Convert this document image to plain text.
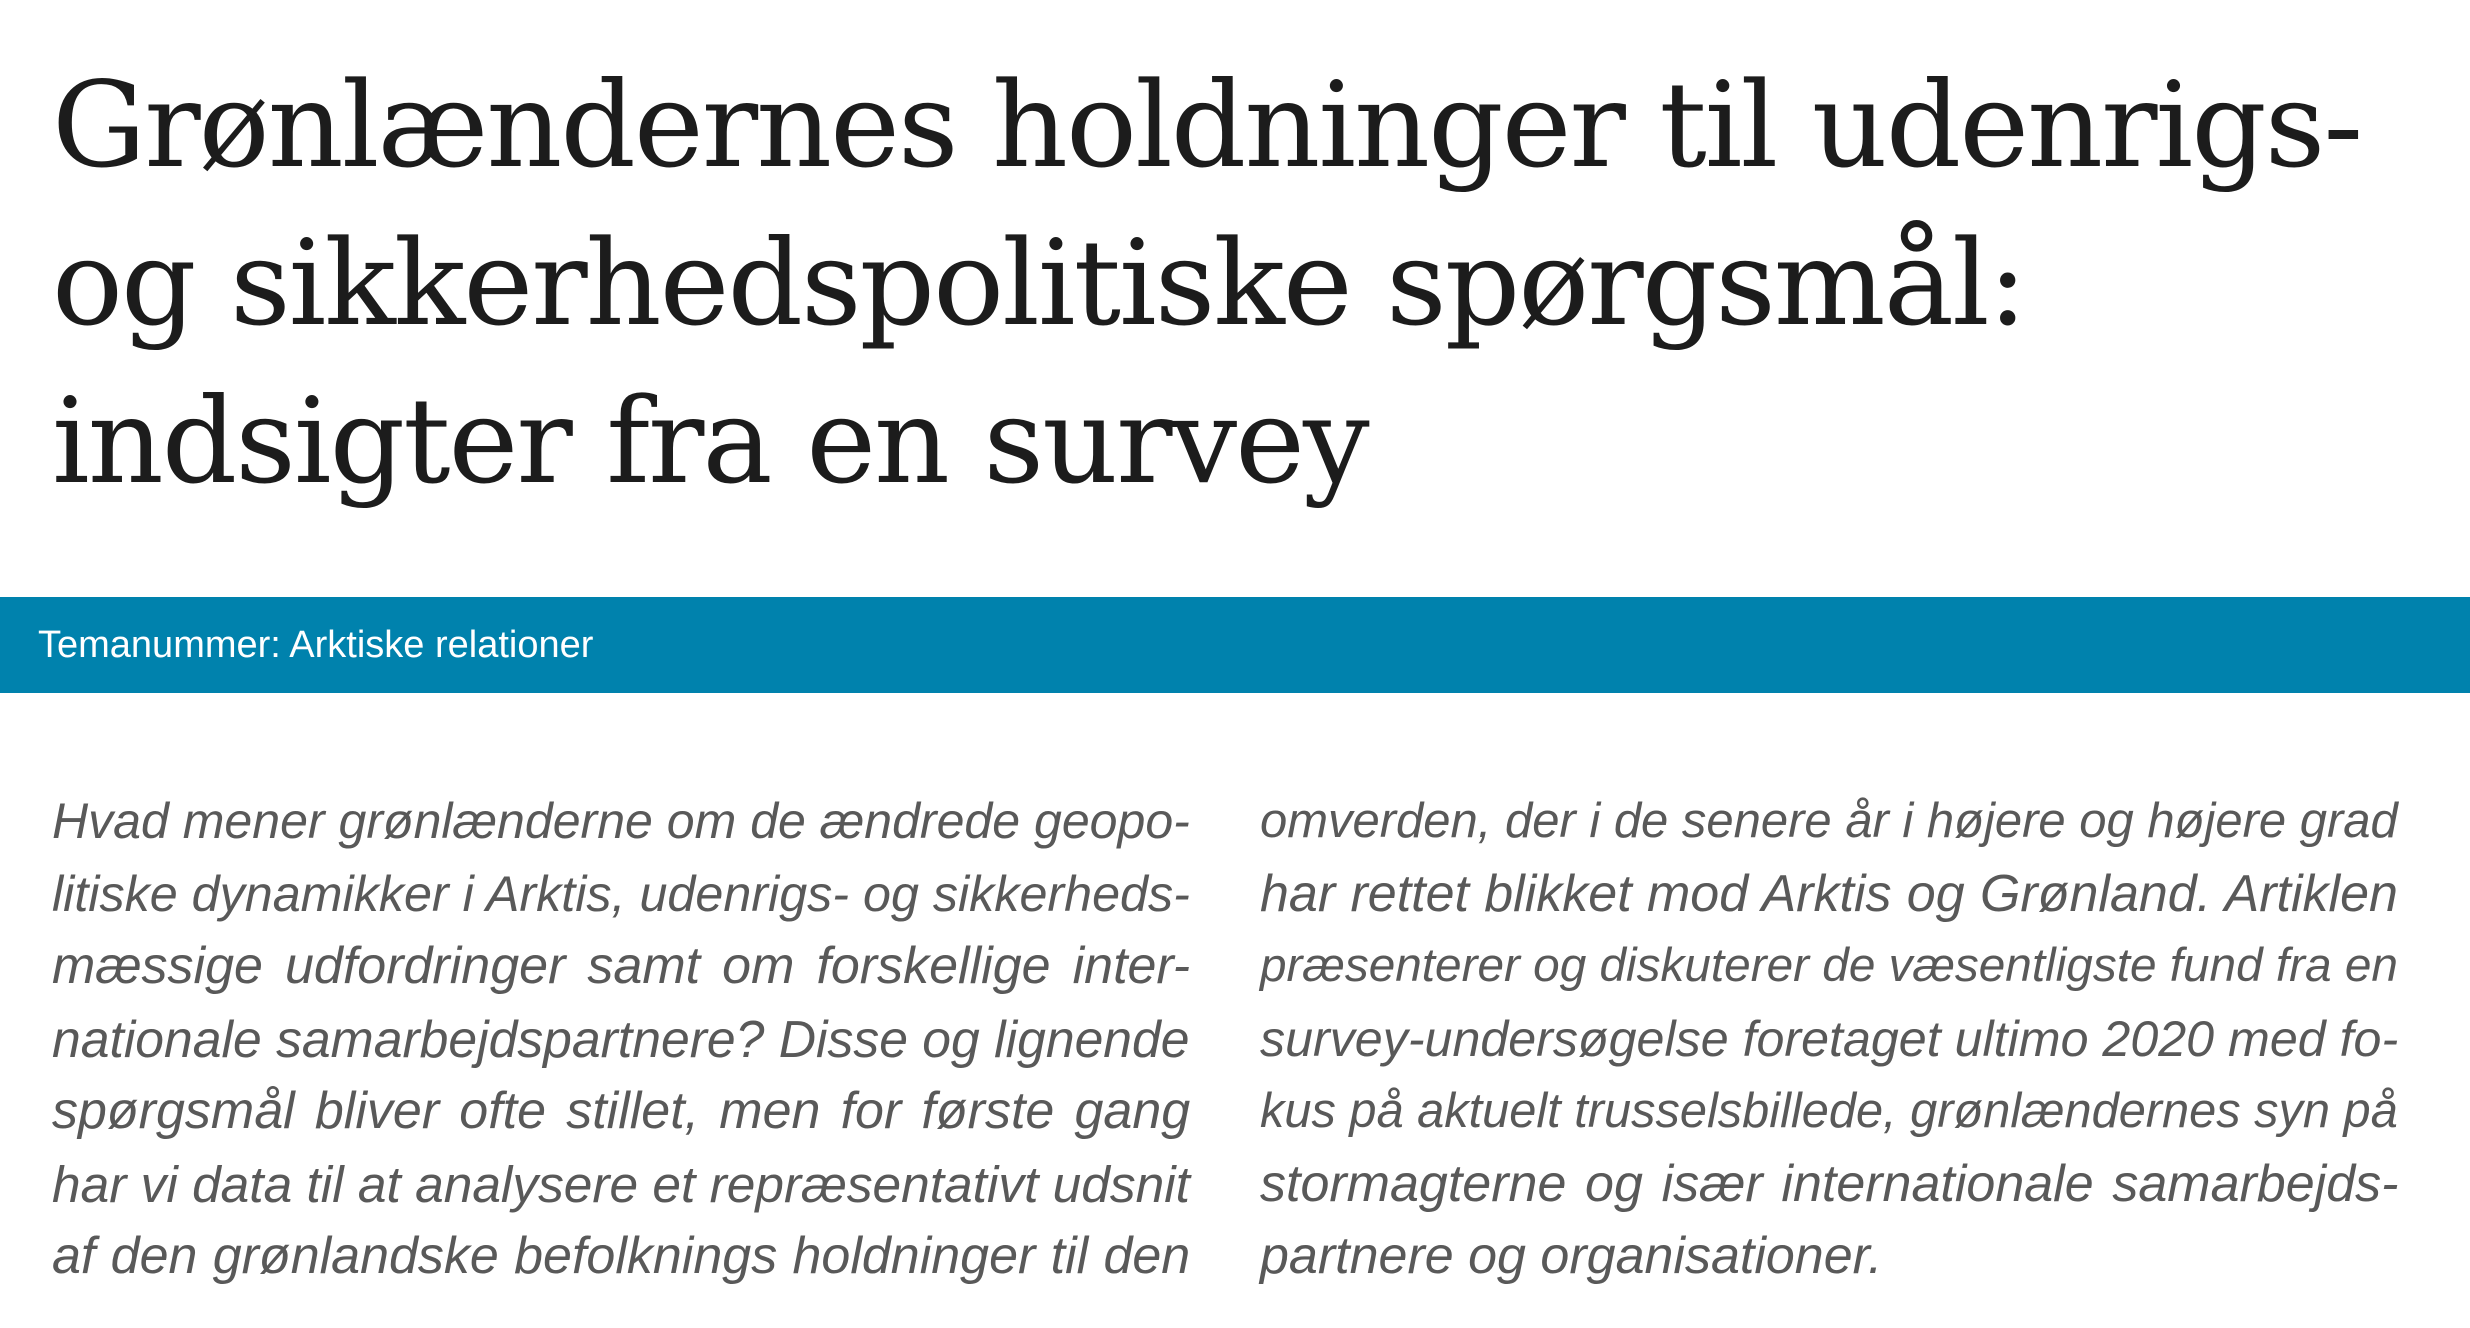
Grønlændernes holdninger til udenrigs-
og sikkerhedspolitiske spørgsmål:
indsigter fra en survey
Temanummer: Arktiske relationer
Hvad mener grønlænderne om de ændrede geopo-
litiske dynamikker i Arktis, udenrigs- og sikkerheds-
mæssige udfordringer samt om forskellige inter-
nationale samarbejdspartnere? Disse og lignende
spørgsmål bliver ofte stillet, men for første gang
har vi data til at analysere et repræsentativt udsnit
af den grønlandske befolknings holdninger til den
omverden, der i de senere år i højere og højere grad
har rettet blikket mod Arktis og Grønland. Artiklen
præsenterer og diskuterer de væsentligste fund fra en
survey-undersøgelse foretaget ultimo 2020 med fo-
kus på aktuelt trusselsbillede, grønlændernes syn på
stormagterne og især internationale samarbejds-
partnere og organisationer.
